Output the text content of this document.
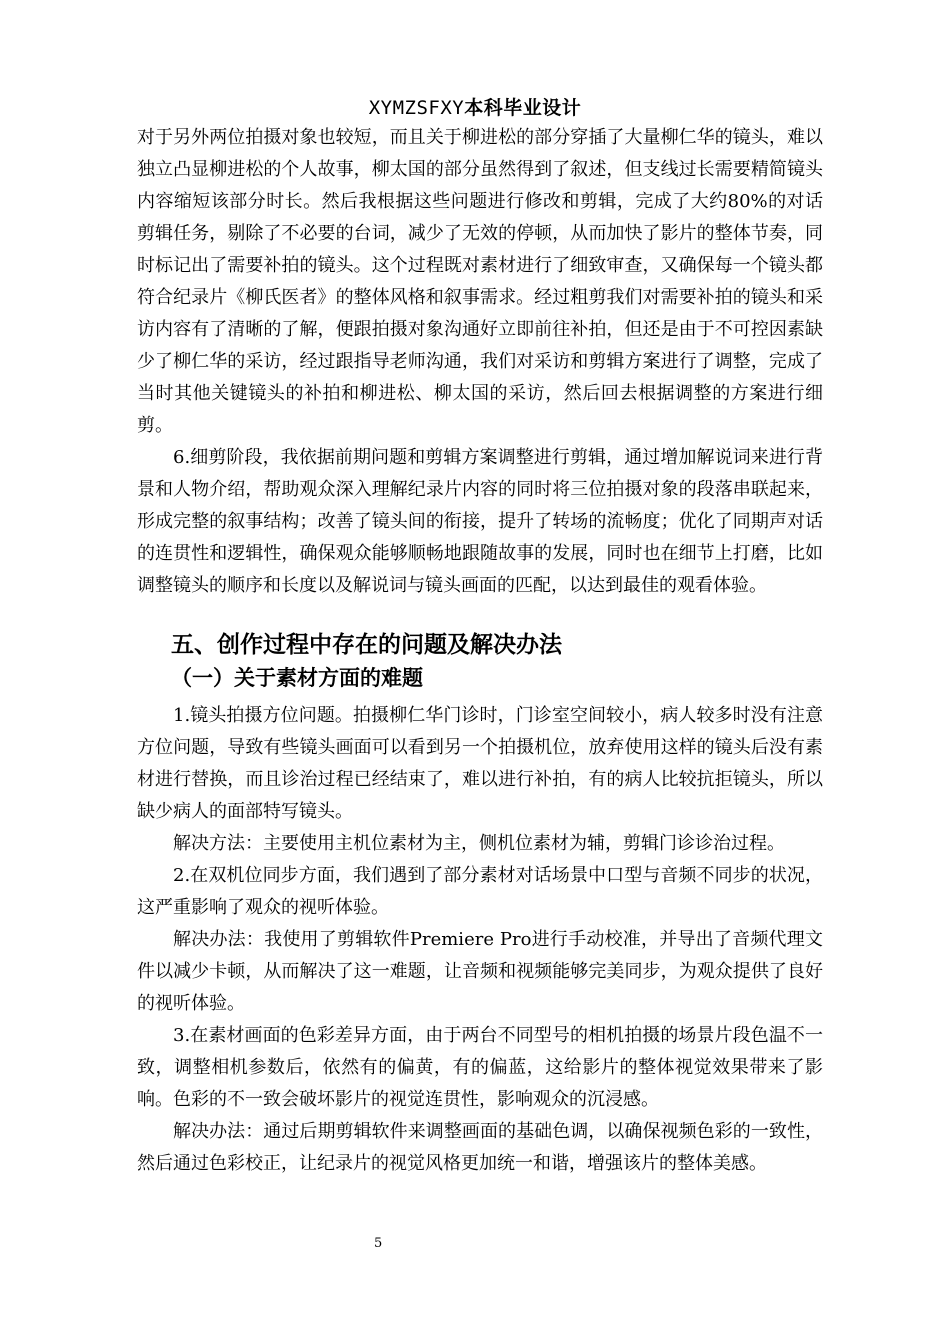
XYMZSFXY本科毕业设计

对于另外两位拍摄对象也较短，而且关于柳进松的部分穿插了大量柳仁华的镜头，难以独立凸显柳进松的个人故事，柳太国的部分虽然得到了叙述，但支线过长需要精简镜头内容缩短该部分时长。然后我根据这些问题进行修改和剪辑，完成了大约80%的对话剪辑任务，剔除了不必要的台词，减少了无效的停顿，从而加快了影片的整体节奏，同时标记出了需要补拍的镜头。这个过程既对素材进行了细致审查，又确保每一个镜头都符合纪录片《柳氏医者》的整体风格和叙事需求。经过粗剪我们对需要补拍的镜头和采访内容有了清晰的了解，便跟拍摄对象沟通好立即前往补拍，但还是由于不可控因素缺少了柳仁华的采访，经过跟指导老师沟通，我们对采访和剪辑方案进行了调整，完成了当时其他关键镜头的补拍和柳进松、柳太国的采访，然后回去根据调整的方案进行细剪。

6.细剪阶段，我依据前期问题和剪辑方案调整进行剪辑，通过增加解说词来进行背景和人物介绍，帮助观众深入理解纪录片内容的同时将三位拍摄对象的段落串联起来，形成完整的叙事结构；改善了镜头间的衔接，提升了转场的流畅度；优化了同期声对话的连贯性和逻辑性，确保观众能够顺畅地跟随故事的发展，同时也在细节上打磨，比如调整镜头的顺序和长度以及解说词与镜头画面的匹配，以达到最佳的观看体验。

五、创作过程中存在的问题及解决办法
（一）关于素材方面的难题

1.镜头拍摄方位问题。拍摄柳仁华门诊时，门诊室空间较小，病人较多时没有注意方位问题，导致有些镜头画面可以看到另一个拍摄机位，放弃使用这样的镜头后没有素材进行替换，而且诊治过程已经结束了，难以进行补拍，有的病人比较抗拒镜头，所以缺少病人的面部特写镜头。

解决方法：主要使用主机位素材为主，侧机位素材为辅，剪辑门诊诊治过程。

2.在双机位同步方面，我们遇到了部分素材对话场景中口型与音频不同步的状况，这严重影响了观众的视听体验。

解决办法：我使用了剪辑软件Premiere Pro进行手动校准，并导出了音频代理文件以减少卡顿，从而解决了这一难题，让音频和视频能够完美同步，为观众提供了良好的视听体验。

3.在素材画面的色彩差异方面，由于两台不同型号的相机拍摄的场景片段色温不一致，调整相机参数后，依然有的偏黄，有的偏蓝，这给影片的整体视觉效果带来了影响。色彩的不一致会破坏影片的视觉连贯性，影响观众的沉浸感。

解决办法：通过后期剪辑软件来调整画面的基础色调，以确保视频色彩的一致性，然后通过色彩校正，让纪录片的视觉风格更加统一和谐，增强该片的整体美感。

5
